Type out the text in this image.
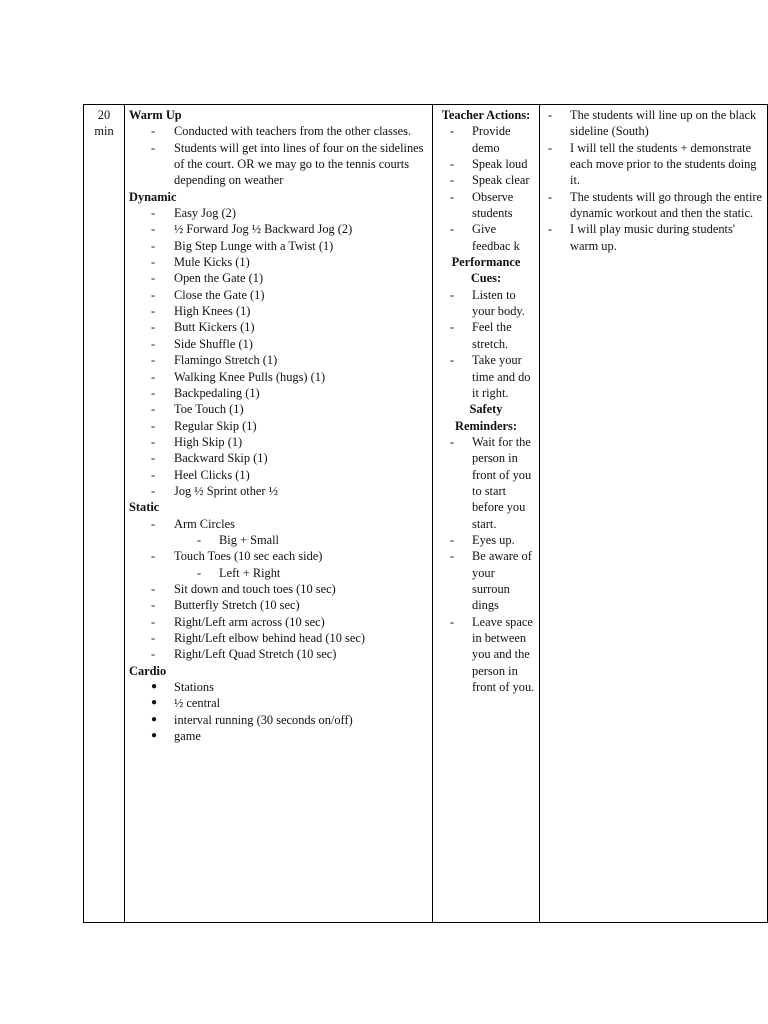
20
min

Warm Up
- Conducted with teachers from the other classes.
- Students will get into lines of four on the sidelines of the court. OR we may go to the tennis courts depending on weather
Dynamic
- Easy Jog (2)
- ½ Forward Jog ½ Backward Jog (2)
- Big Step Lunge with a Twist (1)
- Mule Kicks (1)
- Open the Gate (1)
- Close the Gate (1)
- High Knees (1)
- Butt Kickers (1)
- Side Shuffle (1)
- Flamingo Stretch (1)
- Walking Knee Pulls (hugs) (1)
- Backpedaling (1)
- Toe Touch (1)
- Regular Skip (1)
- High Skip (1)
- Backward Skip (1)
- Heel Clicks (1)
- Jog ½ Sprint other ½
Static
- Arm Circles
- Big + Small
- Touch Toes (10 sec each side)
- Left + Right
- Sit down and touch toes (10 sec)
- Butterfly Stretch (10 sec)
- Right/Left arm across (10 sec)
- Right/Left elbow behind head (10 sec)
- Right/Left Quad Stretch (10 sec)
Cardio
● Stations
● ½ central
● interval running (30 seconds on/off)
● game

Teacher Actions:
- Provide demo
- Speak loud
- Speak clear
- Observe students
- Give feedbac k
Performance Cues:
- Listen to your body.
- Feel the stretch.
- Take your time and do it right.
Safety Reminders:
- Wait for the person in front of you to start before you start.
- Eyes up.
- Be aware of your surroun dings
- Leave space in between you and the person in front of you.

- The students will line up on the black sideline (South)
- I will tell the students + demonstrate each move prior to the students doing it.
- The students will go through the entire dynamic workout and then the static.
- I will play music during students' warm up.
